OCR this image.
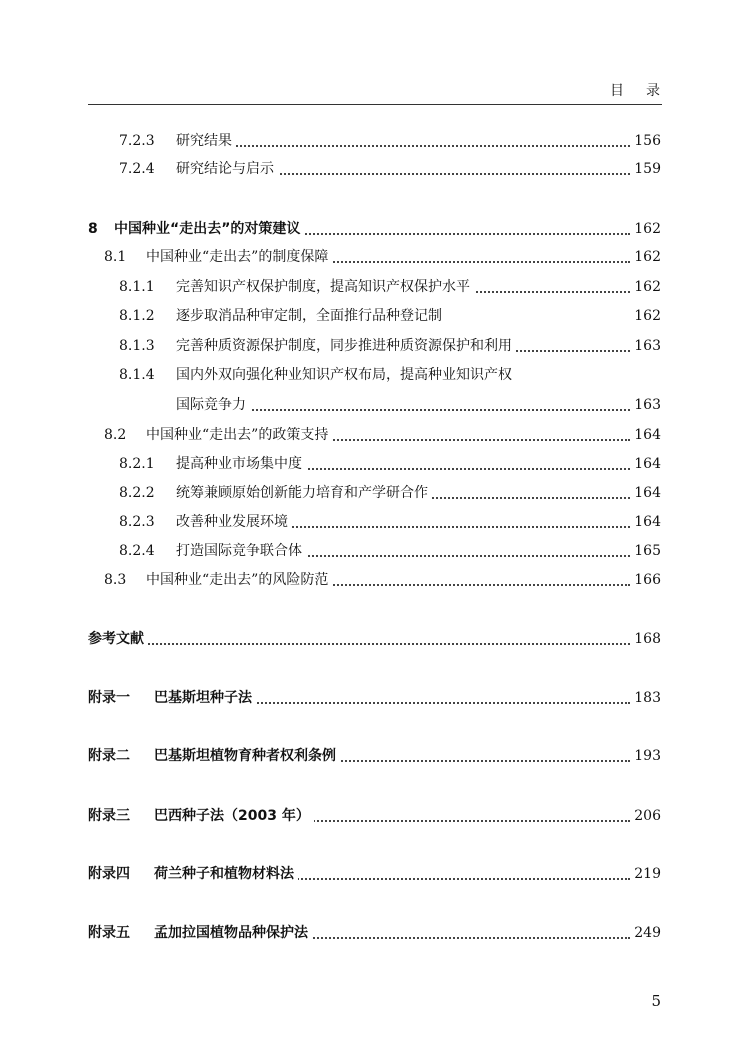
目录
7.2.3 研究结果	156
7.2.4 研究结论与启示	159
8 中国种业“走出去”的对策建议	162
8.1 中国种业“走出去”的制度保障	162
8.1.1 完善知识产权保护制度，提高知识产权保护水平	162
8.1.2 逐步取消品种审定制，全面推行品种登记制	162
8.1.3 完善种质资源保护制度，同步推进种质资源保护和利用	163
8.1.4 国内外双向强化种业知识产权布局，提高种业知识产权
国际竞争力	163
8.2 中国种业“走出去”的政策支持	164
8.2.1 提高种业市场集中度	164
8.2.2 统筹兼顾原始创新能力培育和产学研合作	164
8.2.3 改善种业发展环境	164
8.2.4 打造国际竞争联合体	165
8.3 中国种业“走出去”的风险防范	166
参考文献	168
附录一 巴基斯坦种子法	183
附录二 巴基斯坦植物育种者权利条例	193
附录三 巴西种子法（2003 年）	206
附录四 荷兰种子和植物材料法	219
附录五 孟加拉国植物品种保护法	249
5
